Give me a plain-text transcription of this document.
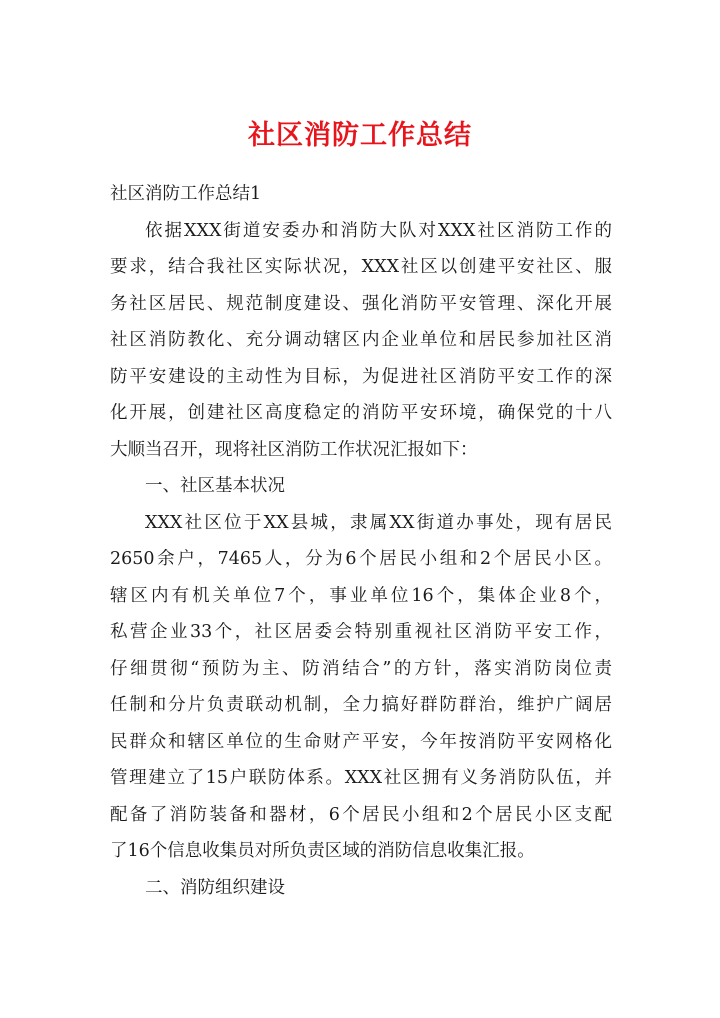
社区消防工作总结
社区消防工作总结1
依据XXX街道安委办和消防大队对XXX社区消防工作的
要求，结合我社区实际状况，XXX社区以创建平安社区、服
务社区居民、规范制度建设、强化消防平安管理、深化开展
社区消防教化、充分调动辖区内企业单位和居民参加社区消
防平安建设的主动性为目标，为促进社区消防平安工作的深
化开展，创建社区高度稳定的消防平安环境，确保党的十八
大顺当召开，现将社区消防工作状况汇报如下：
一、社区基本状况
XXX社区位于XX县城，隶属XX街道办事处，现有居民
2650余户，7465人，分为6个居民小组和2个居民小区。
辖区内有机关单位7个，事业单位16个，集体企业8个，
私营企业33个，社区居委会特别重视社区消防平安工作，
仔细贯彻“预防为主、防消结合”的方针，落实消防岗位责
任制和分片负责联动机制，全力搞好群防群治，维护广阔居
民群众和辖区单位的生命财产平安，今年按消防平安网格化
管理建立了15户联防体系。XXX社区拥有义务消防队伍，并
配备了消防装备和器材，6个居民小组和2个居民小区支配
了16个信息收集员对所负责区域的消防信息收集汇报。
二、消防组织建设
